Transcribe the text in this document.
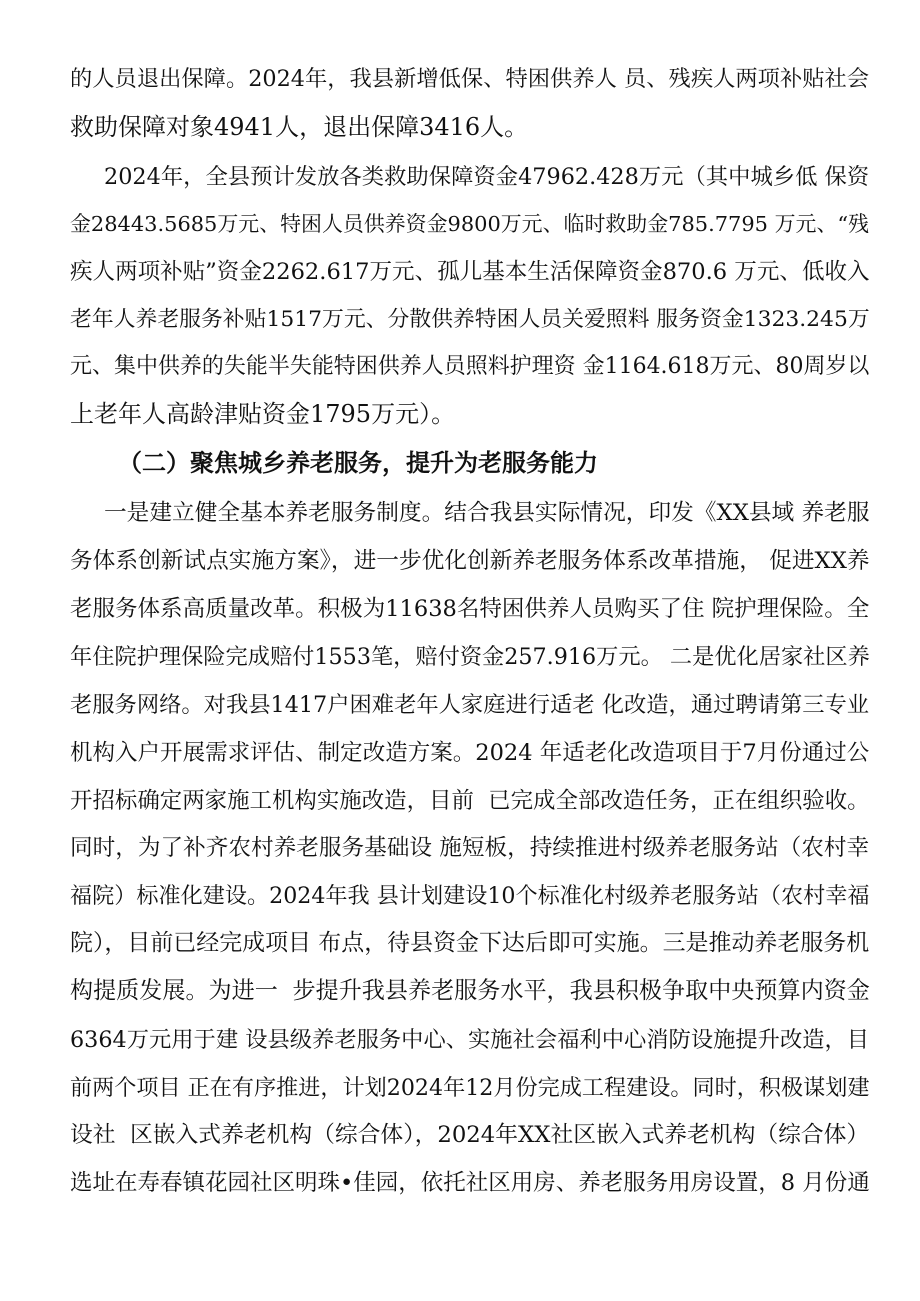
的人员退出保障。2024年，我县新增低保、特困供养人 员、残疾人两项补贴社会
救助保障对象4941人，退出保障3416人。
2024年，全县预计发放各类救助保障资金47962.428万元（其中城乡低 保资
金28443.5685万元、特困人员供养资金9800万元、临时救助金785.7795 万元、“残
疾人两项补贴”资金2262.617万元、孤儿基本生活保障资金870.6 万元、低收入
老年人养老服务补贴1517万元、分散供养特困人员关爱照料 服务资金1323.245万
元、集中供养的失能半失能特困供养人员照料护理资 金1164.618万元、80周岁以
上老年人高龄津贴资金1795万元）。
（二）聚焦城乡养老服务，提升为老服务能力
一是建立健全基本养老服务制度。结合我县实际情况，印发《XX县域 养老服
务体系创新试点实施方案》，进一步优化创新养老服务体系改革措施， 促进XX养
老服务体系高质量改革。积极为11638名特困供养人员购买了住 院护理保险。全
年住院护理保险完成赔付1553笔，赔付资金257.916万元。 二是优化居家社区养
老服务网络。对我县1417户困难老年人家庭进行适老 化改造，通过聘请第三专业
机构入户开展需求评估、制定改造方案。2024 年适老化改造项目于7月份通过公
开招标确定两家施工机构实施改造，目前  已完成全部改造任务，正在组织验收。
同时，为了补齐农村养老服务基础设 施短板，持续推进村级养老服务站（农村幸
福院）标准化建设。2024年我 县计划建设10个标准化村级养老服务站（农村幸福
院），目前已经完成项目 布点，待县资金下达后即可实施。三是推动养老服务机
构提质发展。为进一  步提升我县养老服务水平，我县积极争取中央预算内资金
6364万元用于建 设县级养老服务中心、实施社会福利中心消防设施提升改造，目
前两个项目 正在有序推进，计划2024年12月份完成工程建设。同时，积极谋划建
设社  区嵌入式养老机构（综合体），2024年XX社区嵌入式养老机构（综合体）
选址在寿春镇花园社区明珠•佳园，依托社区用房、养老服务用房设置，8 月份通
